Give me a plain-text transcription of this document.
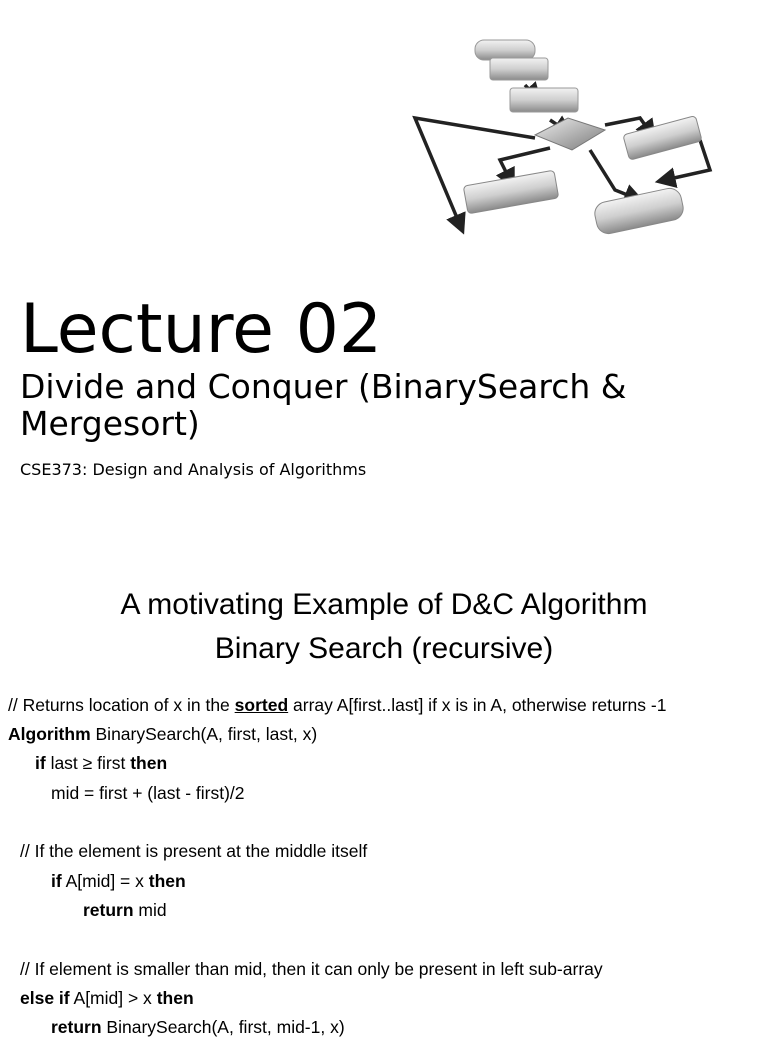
Lecture 02
Divide and Conquer (BinarySearch & Mergesort)
CSE373: Design and Analysis of Algorithms
A motivating Example of D&C Algorithm
Binary Search (recursive)
// Returns location of x in the sorted array A[first..last] if x is in A, otherwise returns -1
Algorithm BinarySearch(A, first, last, x)
if last ≥ first then
mid = first + (last - first)/2
// If the element is present at the middle itself
if A[mid] = x then
return mid
// If element is smaller than mid, then it can only be present in left sub-array
else if A[mid] > x then
return BinarySearch(A, first, mid-1, x)
